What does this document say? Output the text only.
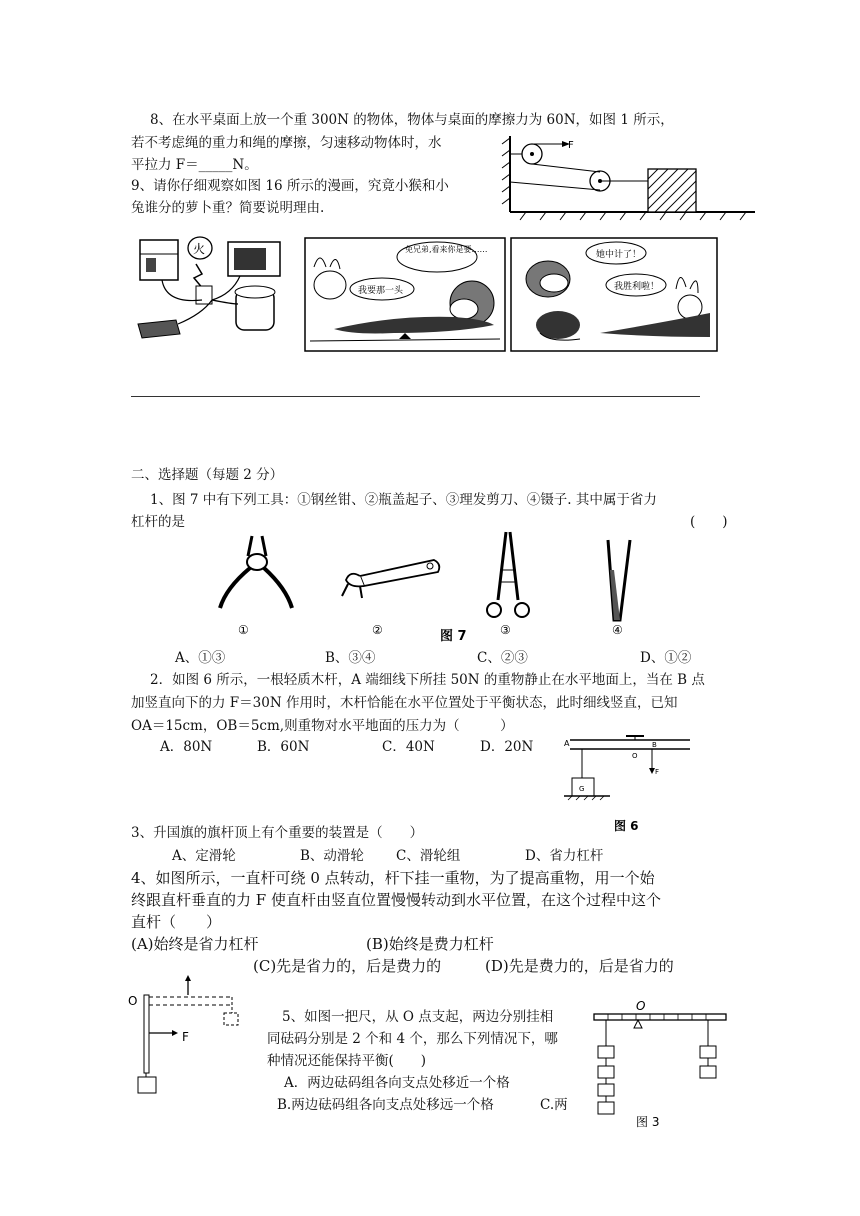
8、在水平桌面上放一个重 300N 的物体，物体与桌面的摩擦力为 60N，如图 1 所示，
若不考虑绳的重力和绳的摩擦，匀速移动物体时，水
平拉力 F＝_____N。
F
9、请你仔细观察如图 16 所示的漫画，究竟小猴和小
兔谁分的萝卜重？简要说明理由.
火	免兄弟,看来你是要……
我要那一头
她中计了！
我胜利啦！
二、选择题（每题 2 分）
1、图 7 中有下列工具：①钢丝钳、②瓶盖起子、③理发剪刀、④镊子. 其中属于省力
杠杆的是	(　　)
①	②	③	④
图 7
A、①③	B、③④	C、②③	D、①②
2．如图 6 所示，一根轻质木杆，A 端细线下所挂 50N 的重物静止在水平地面上，当在 B 点
加竖直向下的力 F＝30N 作用时，木杆恰能在水平位置处于平衡状态，此时细线竖直，已知
OA＝15cm，OB＝5cm,则重物对水平地面的压力为（　　　）
A．80N	B．60N	C．40N	D．20N	A
O
B
F
G
图 6
3、升国旗的旗杆顶上有个重要的装置是（　　）
A、定滑轮	B、动滑轮 C、滑轮组	D、省力杠杆
4、如图所示，一直杆可绕 0 点转动，杆下挂一重物，为了提高重物，用一个始
终跟直杆垂直的力 F 使直杆由竖直位置慢慢转动到水平位置，在这个过程中这个
直杆（　　）
(A)始终是省力杠杆	(B)始终是费力杠杆
(C)先是省力的，后是费力的	(D)先是费力的，后是省力的
O
F
5、如图一把尺，从 O 点支起，两边分别挂相
同砝码分别是 2 个和 4 个，那么下列情况下，哪
种情况还能保持平衡(　　)
A．两边砝码组各向支点处移近一个格
B.两边砝码组各向支点处移远一个格	C.两
O
图 3
